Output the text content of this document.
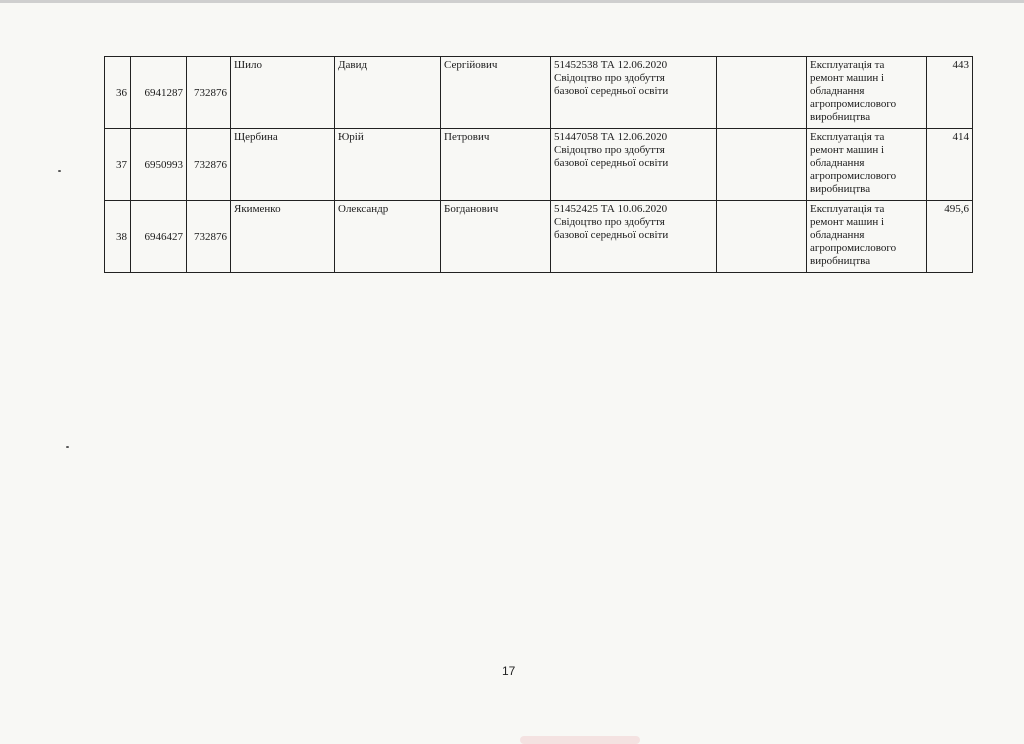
36	6941287	732876	Шило	Давид	Сергійович	51452538 ТА 12.06.2020
Свідоцтво про здобуття
базової середньої освіти		Експлуатація та
ремонт машин і
обладнання
агропромислового
виробництва	443
37	6950993	732876	Щербина	Юрій	Петрович	51447058 ТА 12.06.2020
Свідоцтво про здобуття
базової середньої освіти		Експлуатація та
ремонт машин і
обладнання
агропромислового
виробництва	414
38	6946427	732876	Якименко	Олександр	Богданович	51452425 ТА 10.06.2020
Свідоцтво про здобуття
базової середньої освіти		Експлуатація та
ремонт машин і
обладнання
агропромислового
виробництва	495,6
17
